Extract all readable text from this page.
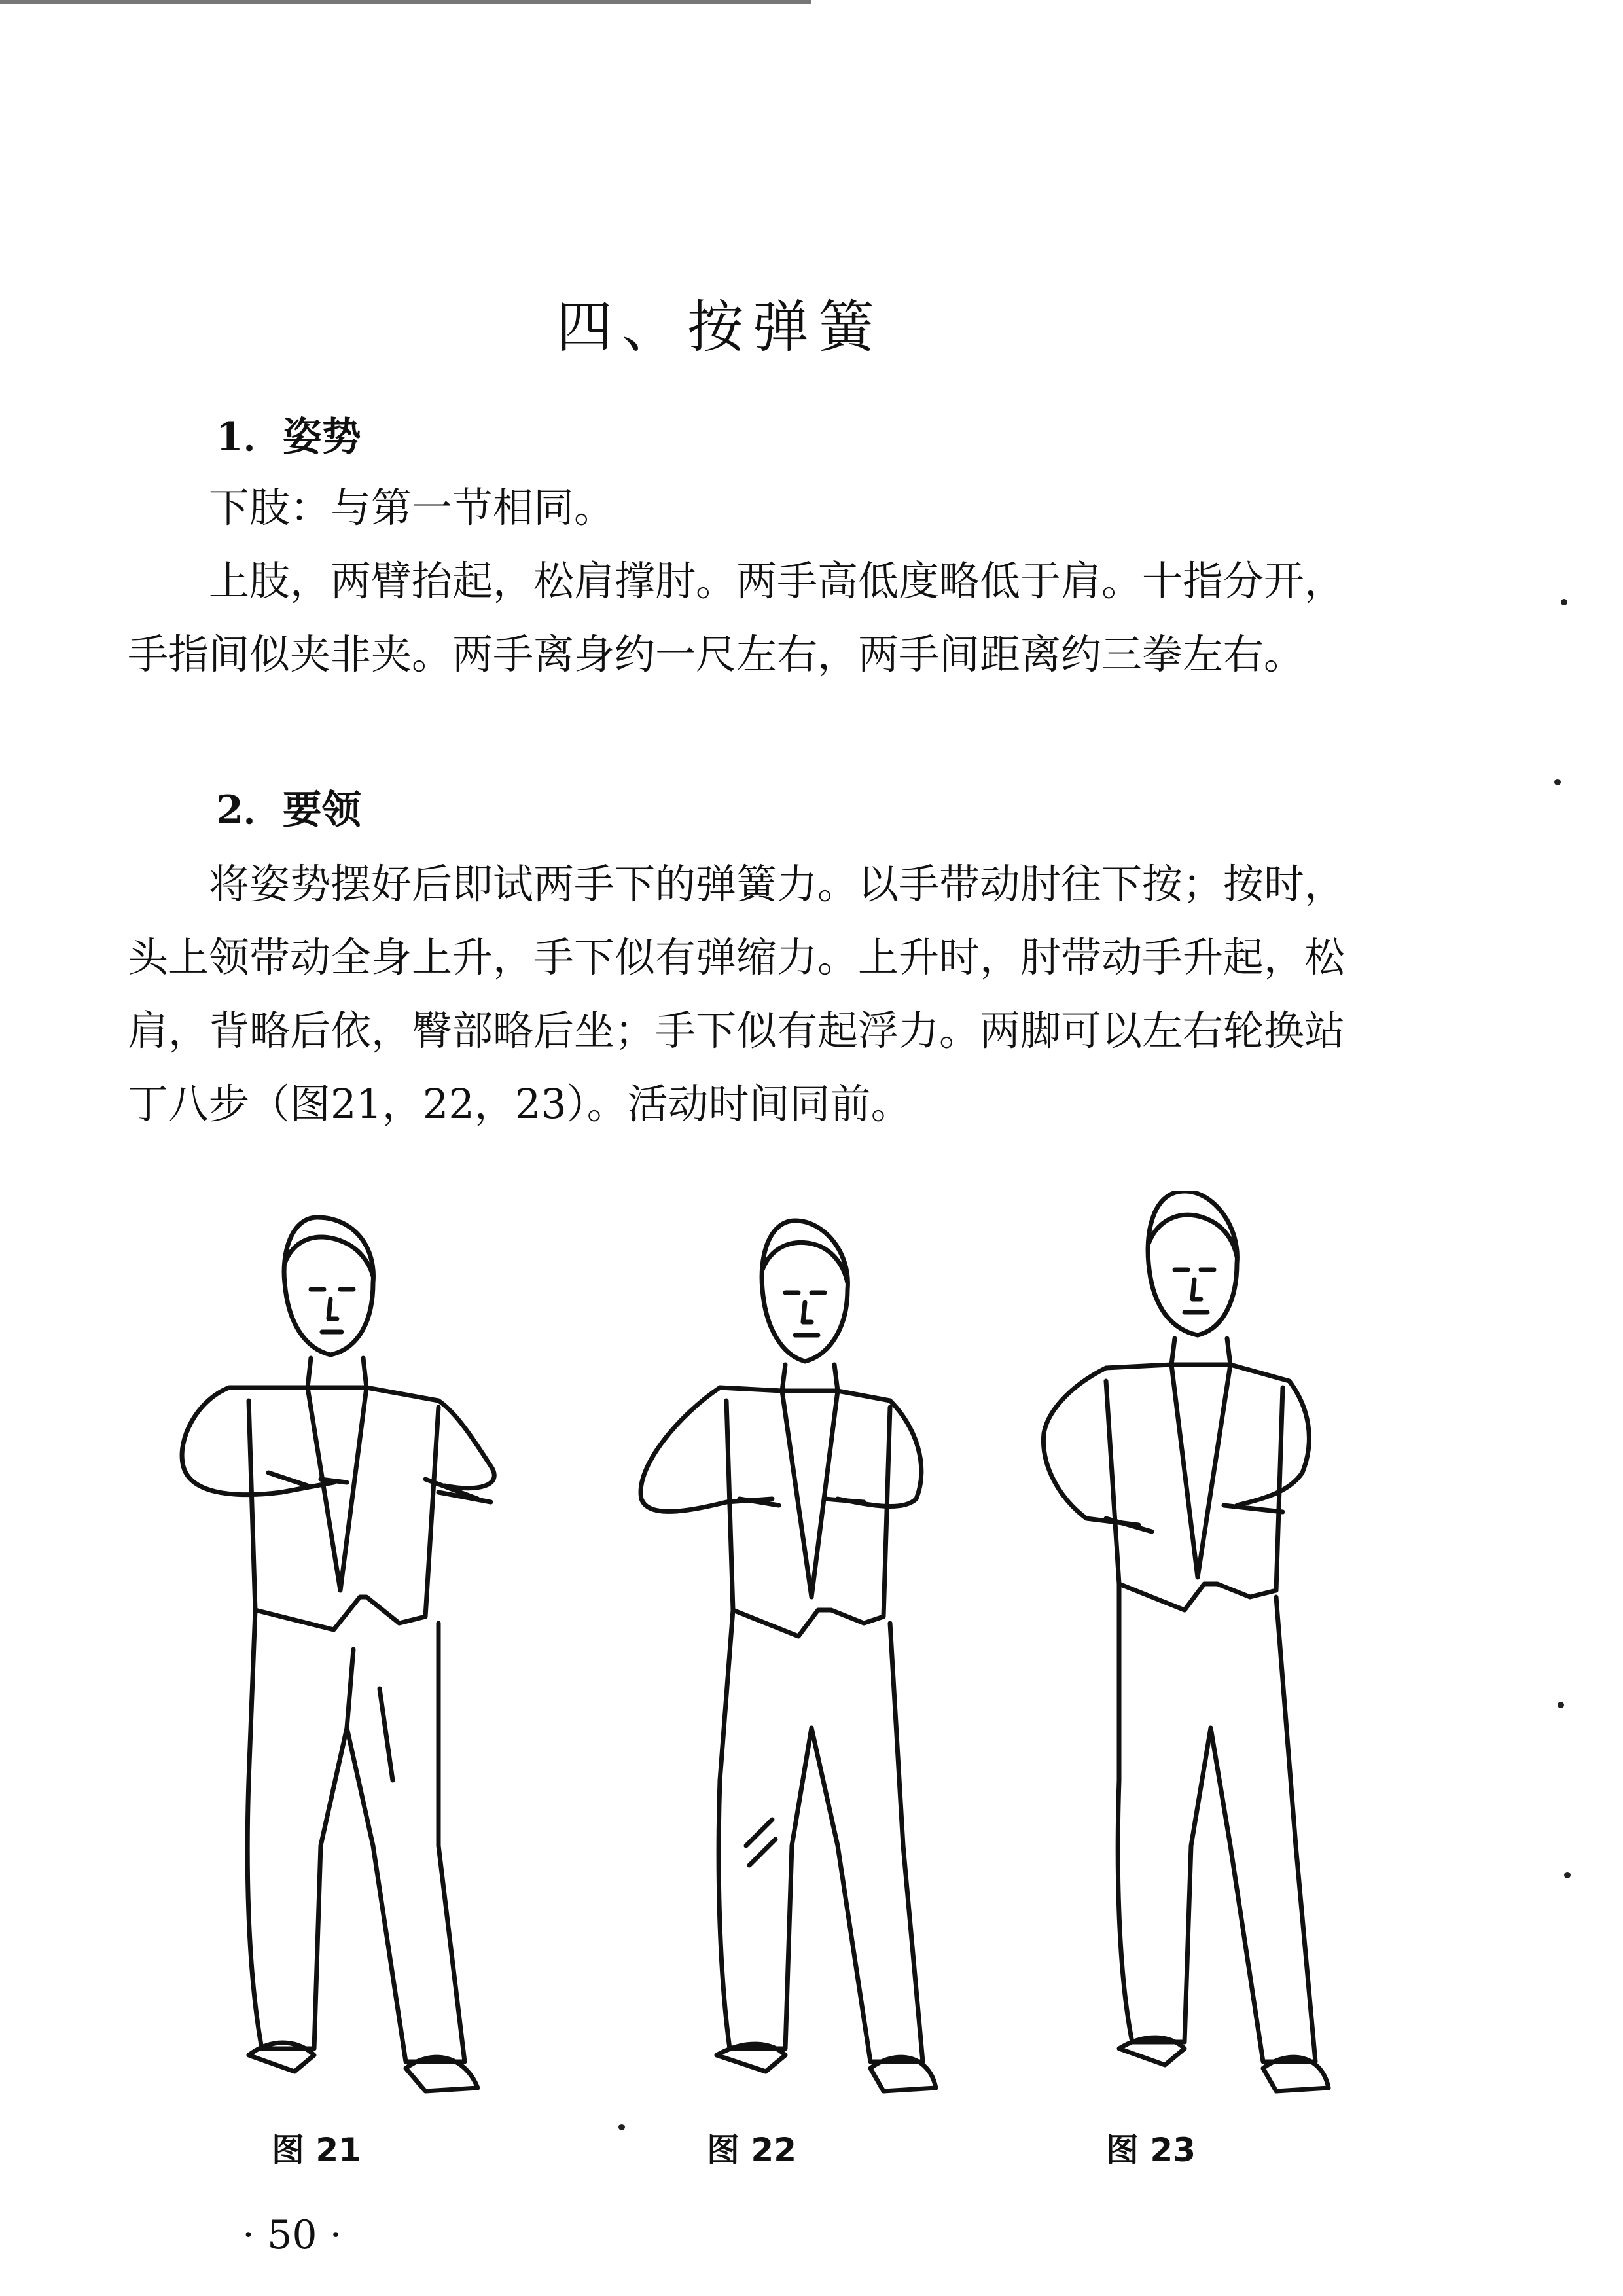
四、按弹簧
1．姿势
下肢：与第一节相同。
上肢，两臂抬起，松肩撑肘。两手高低度略低于肩。十指分开，手指间似夹非夹。两手离身约一尺左右，两手间距离约三拳左右。
2．要领
将姿势摆好后即试两手下的弹簧力。以手带动肘往下按；按时，头上领带动全身上升，手下似有弹缩力。上升时，肘带动手升起，松肩，背略后依，臀部略后坐；手下似有起浮力。两脚可以左右轮换站丁八步（图21，22，23）。活动时间同前。
图 21	图 22	图 23
· 50 ·
